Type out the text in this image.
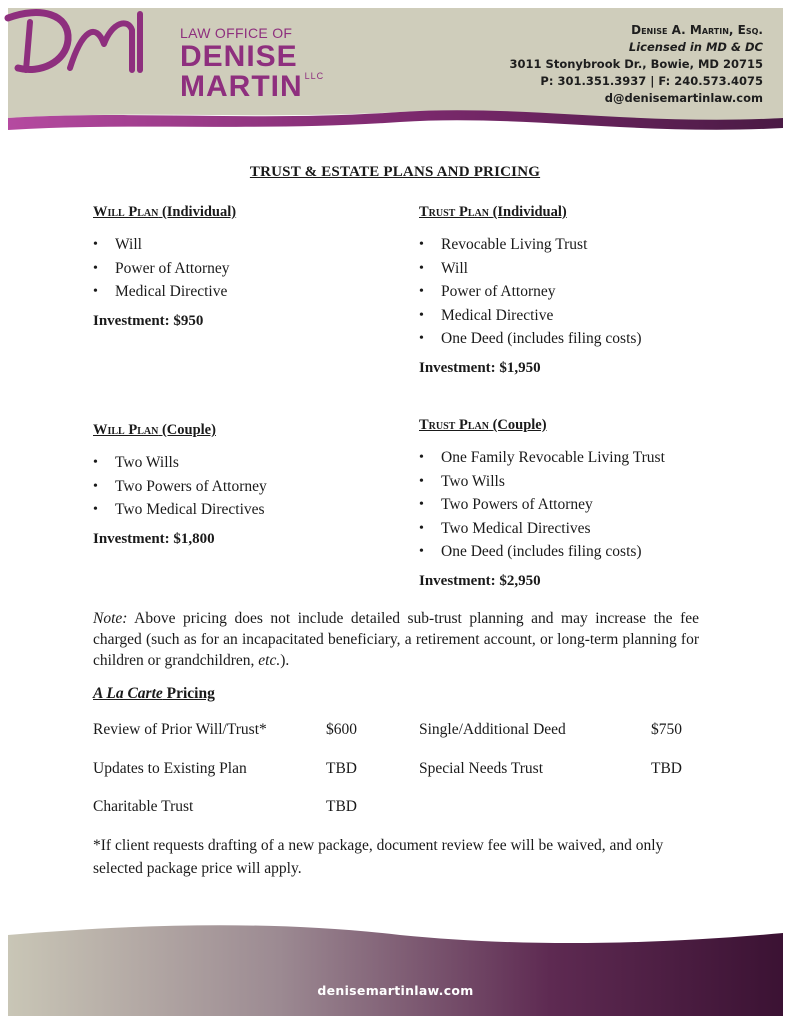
LAW OFFICE OF
DENISE
MARTIN $^{LLC}$
Denise A. Martin, Esq.
Licensed in MD & DC
3011 Stonybrook Dr., Bowie, MD 20715
P: 301.351.3937 | F: 240.573.4075
d@denisemartinlaw.com
TRUST & ESTATE PLANS AND PRICING
Will Plan (Individual)
• Will
• Power of Attorney
• Medical Directive
Investment: $950
Trust Plan (Individual)
• Revocable Living Trust
• Will
• Power of Attorney
• Medical Directive
• One Deed (includes filing costs)
Investment: $1,950
Will Plan (Couple)
• Two Wills
• Two Powers of Attorney
• Two Medical Directives
Investment: $1,800
Trust Plan (Couple)
• One Family Revocable Living Trust
• Two Wills
• Two Powers of Attorney
• Two Medical Directives
• One Deed (includes filing costs)
Investment: $2,950
Note: Above pricing does not include detailed sub-trust planning and may increase the fee charged (such as for an incapacitated beneficiary, a retirement account, or long-term planning for children or grandchildren, etc.).
A La Carte Pricing
Review of Prior Will/Trust*	$600	Single/Additional Deed	$750
Updates to Existing Plan	TBD	Special Needs Trust	TBD
Charitable Trust	TBD
*If client requests drafting of a new package, document review fee will be waived, and only selected package price will apply.
denisemartinlaw.com
